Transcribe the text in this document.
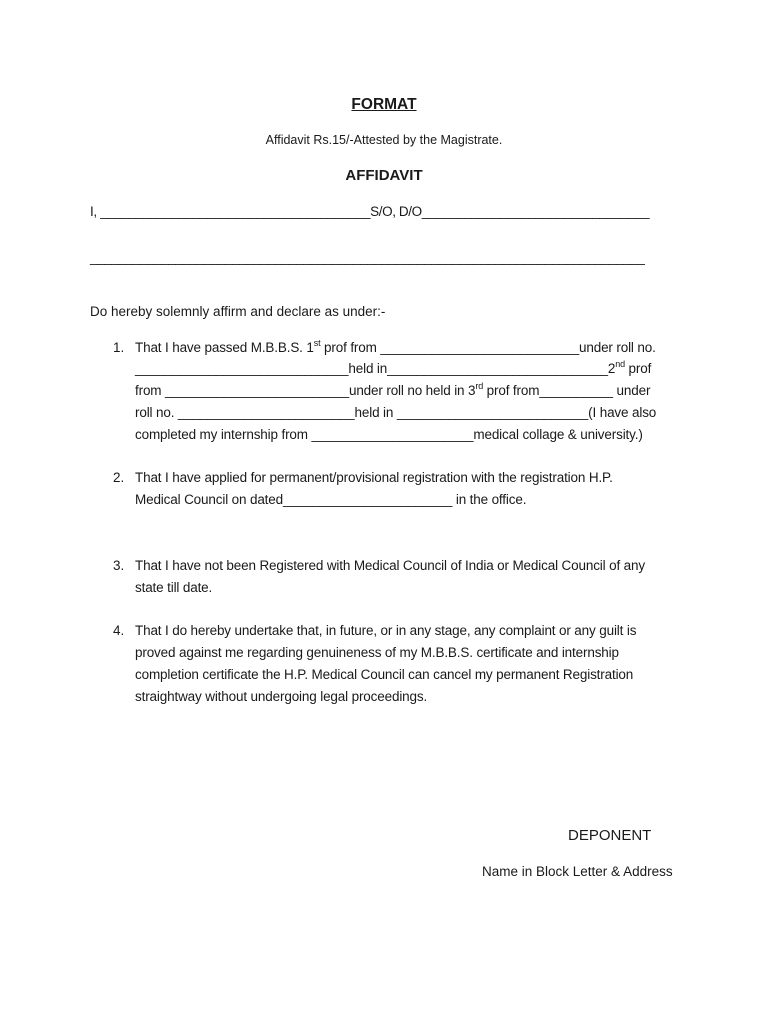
FORMAT
Affidavit Rs.15/-Attested by the Magistrate.
AFFIDAVIT
I, ______________________________________S/O, D/O________________________________
______________________________________________________________________________
Do hereby solemnly affirm and declare as under:-
1. That I have passed M.B.B.S. 1st prof from ___________________________under roll no.
_____________________________held in______________________________2nd prof
from _________________________under roll no held in 3rd prof from__________ under
roll no. ________________________held in __________________________(I have also
completed my internship from ______________________medical collage & university.)
2. That I have applied for permanent/provisional registration with the registration H.P.
Medical Council on dated_______________________ in the office.
3. That I have not been Registered with Medical Council of India or Medical Council of any
state till date.
4. That I do hereby undertake that, in future, or in any stage, any complaint or any guilt is
proved against me regarding genuineness of my M.B.B.S. certificate and internship
completion certificate the H.P. Medical Council can cancel my permanent Registration
straightway without undergoing legal proceedings.
DEPONENT
Name in Block Letter & Address
